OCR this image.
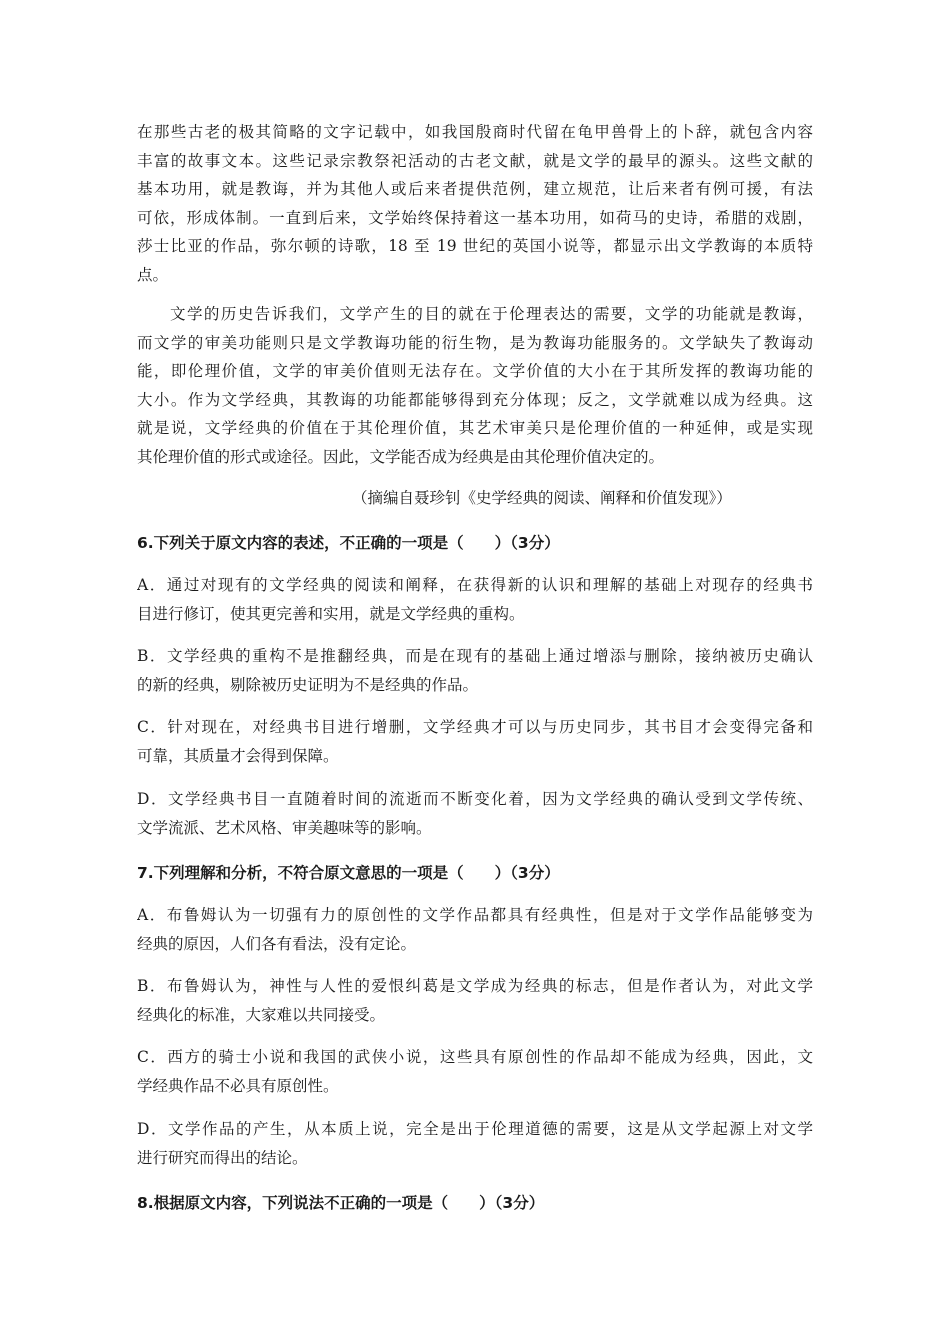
在那些古老的极其简略的文字记载中，如我国殷商时代留在龟甲兽骨上的卜辞，就包含内容
丰富的故事文本。这些记录宗教祭祀活动的古老文献，就是文学的最早的源头。这些文献的
基本功用，就是教诲，并为其他人或后来者提供范例，建立规范，让后来者有例可援，有法
可依，形成体制。一直到后来，文学始终保持着这一基本功用，如荷马的史诗，希腊的戏剧，
莎士比亚的作品，弥尔顿的诗歌，18 至 19 世纪的英国小说等，都显示出文学教诲的本质特
点。
文学的历史告诉我们，文学产生的目的就在于伦理表达的需要，文学的功能就是教诲，
而文学的审美功能则只是文学教诲功能的衍生物，是为教诲功能服务的。文学缺失了教诲动
能，即伦理价值，文学的审美价值则无法存在。文学价值的大小在于其所发挥的教诲功能的
大小。作为文学经典，其教诲的功能都能够得到充分体现；反之，文学就难以成为经典。这
就是说，文学经典的价值在于其伦理价值，其艺术审美只是伦理价值的一种延伸，或是实现
其伦理价值的形式或途径。因此，文学能否成为经典是由其伦理价值决定的。
（摘编自聂珍钊《史学经典的阅读、阐释和价值发现》）
6.下列关于原文内容的表述，不正确的一项是（　　）（3分）
A．通过对现有的文学经典的阅读和阐释，在获得新的认识和理解的基础上对现存的经典书
目进行修订，使其更完善和实用，就是文学经典的重构。
B．文学经典的重构不是推翻经典，而是在现有的基础上通过增添与删除，接纳被历史确认
的新的经典，剔除被历史证明为不是经典的作品。
C．针对现在，对经典书目进行增删，文学经典才可以与历史同步，其书目才会变得完备和
可靠，其质量才会得到保障。
D．文学经典书目一直随着时间的流逝而不断变化着，因为文学经典的确认受到文学传统、
文学流派、艺术风格、审美趣味等的影响。
7.下列理解和分析，不符合原文意思的一项是（　　）（3分）
A．布鲁姆认为一切强有力的原创性的文学作品都具有经典性，但是对于文学作品能够变为
经典的原因，人们各有看法，没有定论。
B．布鲁姆认为，神性与人性的爱恨纠葛是文学成为经典的标志，但是作者认为，对此文学
经典化的标准，大家难以共同接受。
C．西方的骑士小说和我国的武侠小说，这些具有原创性的作品却不能成为经典，因此，文
学经典作品不必具有原创性。
D．文学作品的产生，从本质上说，完全是出于伦理道德的需要，这是从文学起源上对文学
进行研究而得出的结论。
8.根据原文内容，下列说法不正确的一项是（　　）（3分）
